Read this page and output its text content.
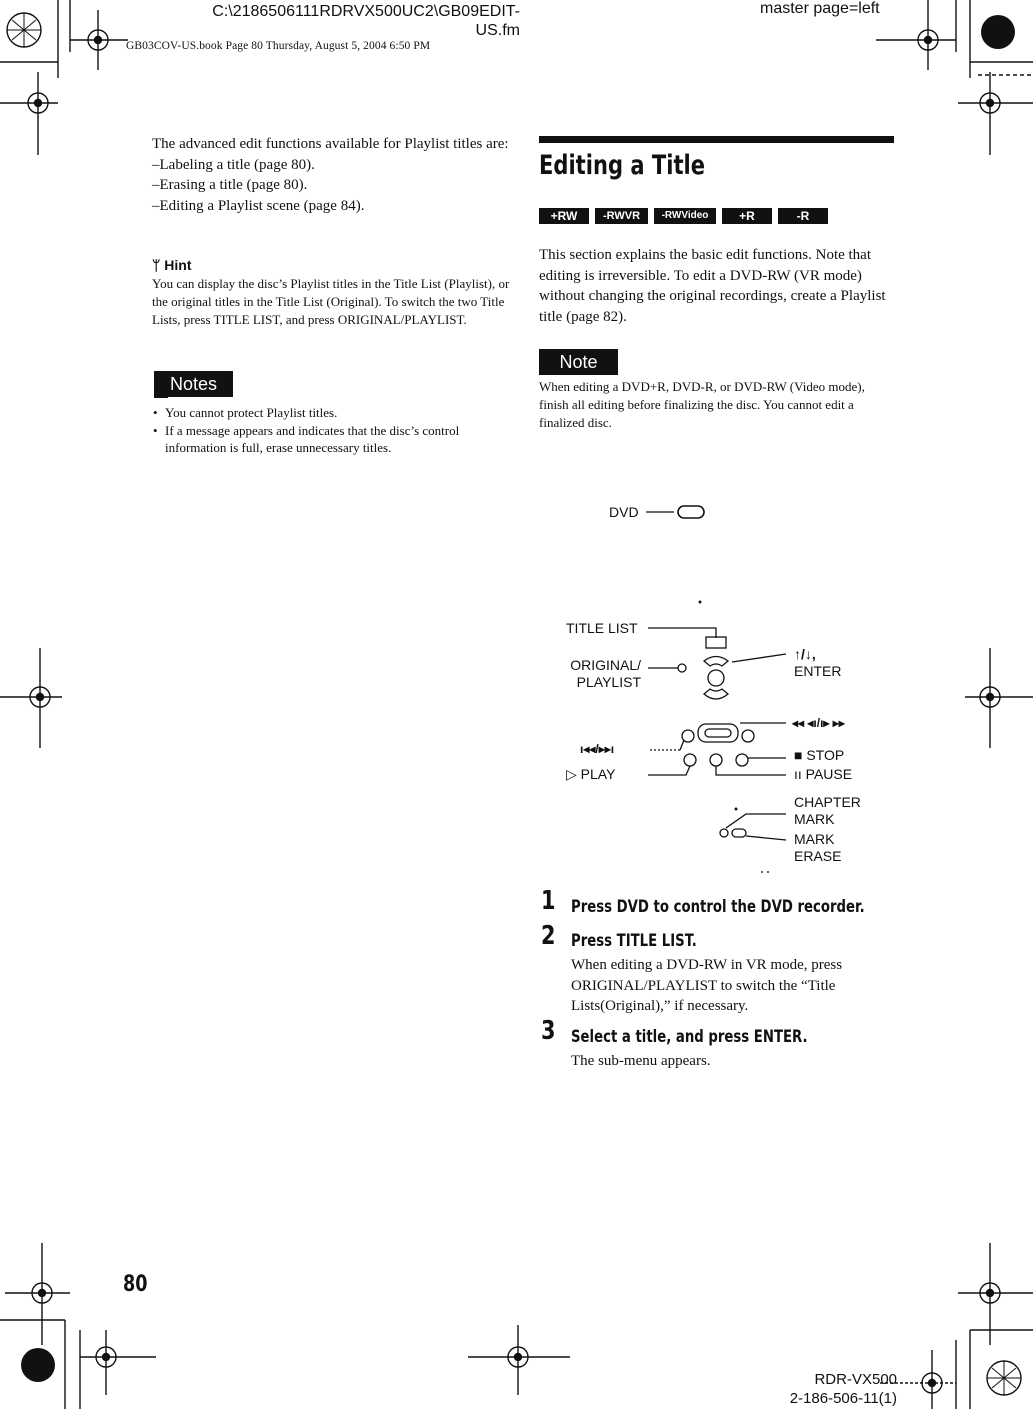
C:\2186506111RDRVX500UC2\GB09EDIT-
US.fm
master page=left
GB03COV-US.book Page 80 Thursday, August 5, 2004 6:50 PM
The advanced edit functions available for Playlist titles are:
–Labeling a title (page 80).
–Erasing a title (page 80).
–Editing a Playlist scene (page 84).
ᛘ Hint
You can display the disc’s Playlist titles in the Title List (Playlist), or the original titles in the Title List (Original). To switch the two Title Lists, press TITLE LIST, and press ORIGINAL/PLAYLIST.
Notes
• You cannot protect Playlist titles.
• If a message appears and indicates that the disc’s control information is full, erase unnecessary titles.
Editing a Title
+RW	-RWVR	-RWVideo	+R	-R
This section explains the basic edit functions. Note that editing is irreversible. To edit a DVD-RW (VR mode) without changing the original recordings, create a Playlist title (page 82).
Note
When editing a DVD+R, DVD-R, or DVD-RW (Video mode), finish all editing before finalizing the disc. You cannot edit a finalized disc.
DVD
TITLE LIST
ORIGINAL/
PLAYLIST
↑/↓,
ENTER
◂◂ ◂ı/ı▸ ▸▸
ı◂◂/▸▸ı
▷ PLAY
■ STOP
ıı PAUSE
CHAPTER
MARK
MARK
ERASE
1 Press DVD to control the DVD recorder.
2 Press TITLE LIST.
When editing a DVD-RW in VR mode, press ORIGINAL/PLAYLIST to switch the “Title Lists(Original),” if necessary.
3 Select a title, and press ENTER.
The sub-menu appears.
80
RDR-VX500
2-186-506-11(1)
